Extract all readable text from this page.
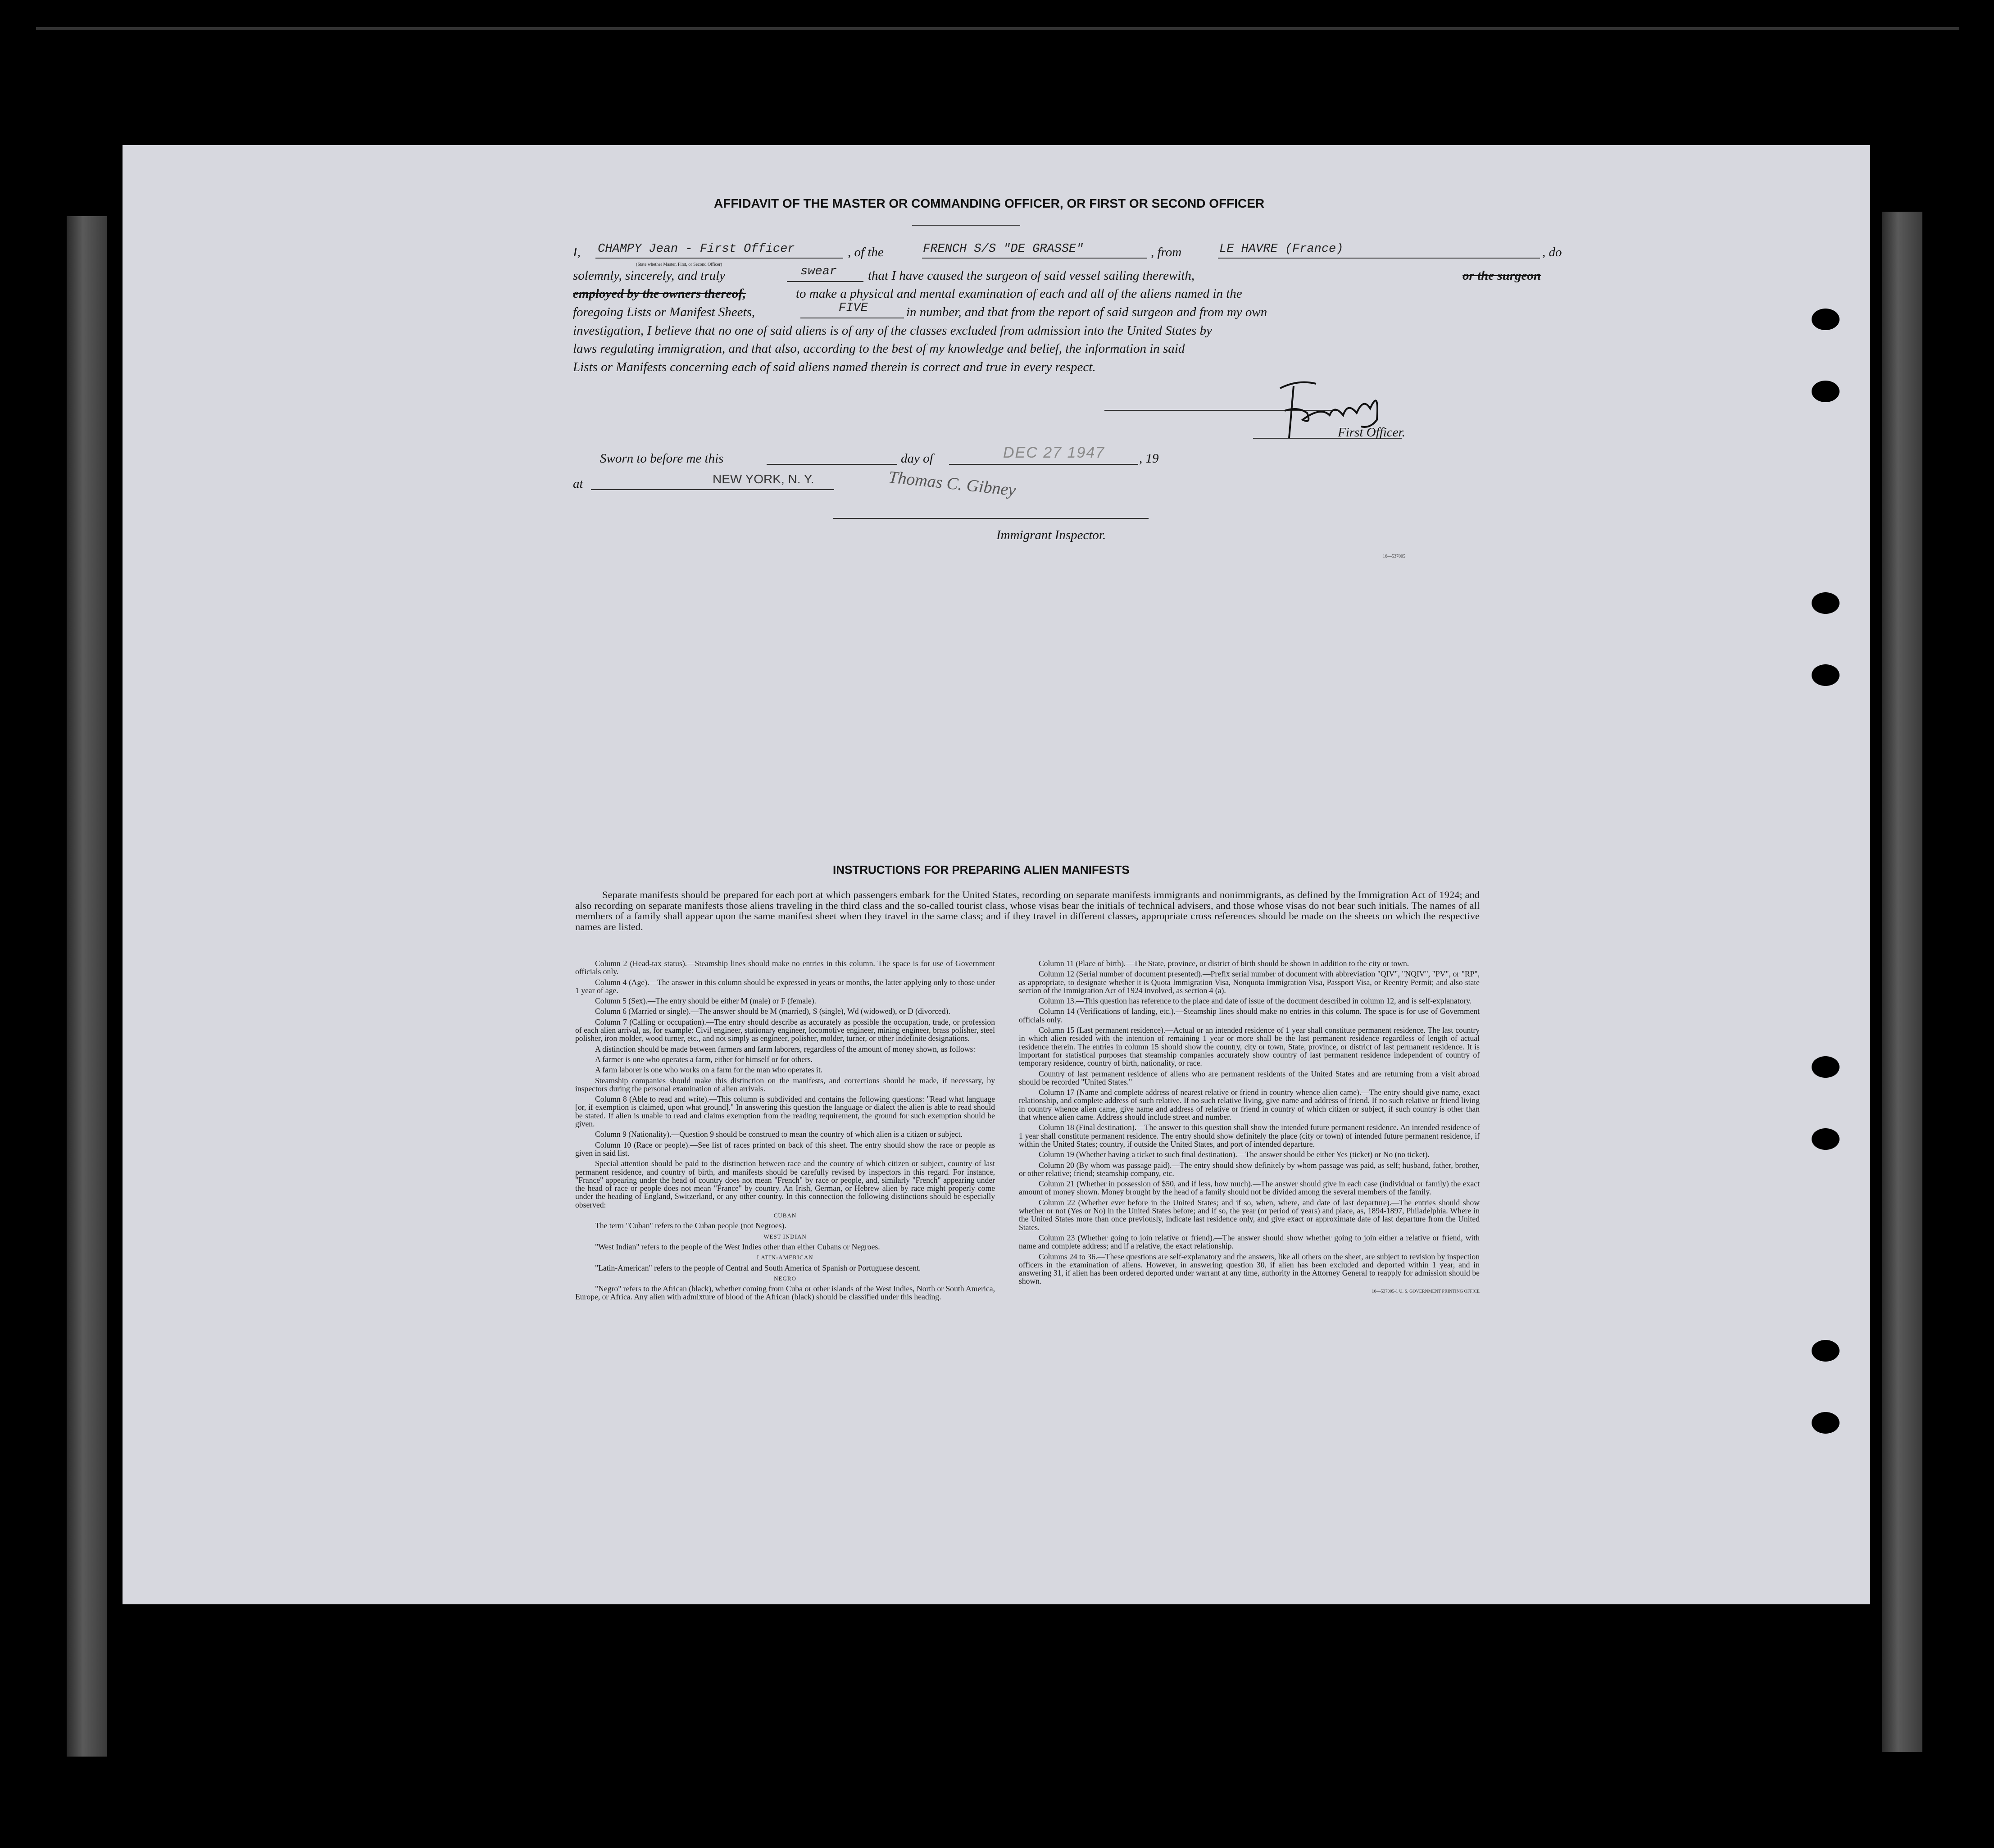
AFFIDAVIT OF THE MASTER OR COMMANDING OFFICER, OR FIRST OR SECOND OFFICER
I, CHAMPY Jean - First Officer	, of the	FRENCH S/S "DE GRASSE"	, from	LE HAVRE (France)	, do
(State whether Master, First, or Second Officer)
solemnly, sincerely, and truly	swear that I have caused the surgeon of said vessel sailing therewith,	or the surgeon
employed by the owners thereof,	to make a physical and mental examination of each and all of the aliens named in the
foregoing Lists or Manifest Sheets,	FIVE	in number, and that from the report of said surgeon and from my own
investigation, I believe that no one of said aliens is of any of the classes excluded from admission into the United States by
laws regulating immigration, and that also, according to the best of my knowledge and belief, the information in said
Lists or Manifests concerning each of said aliens named therein is correct and true in every respect.
First Officer.
Sworn to before me this	day of	DEC 27 1947	, 19
at	NEW YORK, N. Y.	Thomas C. Gibney
Immigrant Inspector.
16—537005
INSTRUCTIONS FOR PREPARING ALIEN MANIFESTS
Separate manifests should be prepared for each port at which passengers embark for the United States, recording on separate manifests immigrants and nonimmigrants, as defined by the Immigration Act of 1924; and also recording on separate manifests those aliens traveling in the third class and the so-called tourist class, whose visas bear the initials of technical advisers, and those whose visas do not bear such initials. The names of all members of a family shall appear upon the same manifest sheet when they travel in the same class; and if they travel in different classes, appropriate cross references should be made on the sheets on which the respective names are listed.

Column 2 (Head-tax status).—Steamship lines should make no entries in this column. The space is for use of Government officials only.

Column 4 (Age).—The answer in this column should be expressed in years or months, the latter applying only to those under 1 year of age.

Column 5 (Sex).—The entry should be either M (male) or F (female).

Column 6 (Married or single).—The answer should be M (married), S (single), Wd (widowed), or D (divorced).

Column 7 (Calling or occupation).—The entry should describe as accurately as possible the occupation, trade, or profession of each alien arrival, as, for example: Civil engineer, stationary engineer, locomotive engineer, mining engineer, brass polisher, steel polisher, iron molder, wood turner, etc., and not simply as engineer, polisher, molder, turner, or other indefinite designations.

A distinction should be made between farmers and farm laborers, regardless of the amount of money shown, as follows:

A farmer is one who operates a farm, either for himself or for others.

A farm laborer is one who works on a farm for the man who operates it.

Steamship companies should make this distinction on the manifests, and corrections should be made, if necessary, by inspectors during the personal examination of alien arrivals.

Column 8 (Able to read and write).—This column is subdivided and contains the following questions: "Read what language [or, if exemption is claimed, upon what ground]." In answering this question the language or dialect the alien is able to read should be stated. If alien is unable to read and claims exemption from the reading requirement, the ground for such exemption should be given.

Column 9 (Nationality).—Question 9 should be construed to mean the country of which alien is a citizen or subject.

Column 10 (Race or people).—See list of races printed on back of this sheet. The entry should show the race or people as given in said list.

Special attention should be paid to the distinction between race and the country of which citizen or subject, country of last permanent residence, and country of birth, and manifests should be carefully revised by inspectors in this regard. For instance, "France" appearing under the head of country does not mean "French" by race or people, and, similarly "French" appearing under the head of race or people does not mean "France" by country. An Irish, German, or Hebrew alien by race might properly come under the heading of England, Switzerland, or any other country. In this connection the following distinctions should be especially observed:

CUBAN

The term "Cuban" refers to the Cuban people (not Negroes).

WEST INDIAN

"West Indian" refers to the people of the West Indies other than either Cubans or Negroes.

LATIN-AMERICAN

"Latin-American" refers to the people of Central and South America of Spanish or Portuguese descent.

NEGRO

"Negro" refers to the African (black), whether coming from Cuba or other islands of the West Indies, North or South America, Europe, or Africa. Any alien with admixture of blood of the African (black) should be classified under this heading.

Column 11 (Place of birth).—The State, province, or district of birth should be shown in addition to the city or town.

Column 12 (Serial number of document presented).—Prefix serial number of document with abbreviation "QIV", "NQIV", "PV", or "RP", as appropriate, to designate whether it is Quota Immigration Visa, Nonquota Immigration Visa, Passport Visa, or Reentry Permit; and also state section of the Immigration Act of 1924 involved, as section 4 (a).

Column 13.—This question has reference to the place and date of issue of the document described in column 12, and is self-explanatory.

Column 14 (Verifications of landing, etc.).—Steamship lines should make no entries in this column. The space is for use of Government officials only.

Column 15 (Last permanent residence).—Actual or an intended residence of 1 year shall constitute permanent residence. The last country in which alien resided with the intention of remaining 1 year or more shall be the last permanent residence regardless of length of actual residence therein. The entries in column 15 should show the country, city or town, State, province, or district of last permanent residence. It is important for statistical purposes that steamship companies accurately show country of last permanent residence independent of country of temporary residence, country of birth, nationality, or race.

Country of last permanent residence of aliens who are permanent residents of the United States and are returning from a visit abroad should be recorded "United States."

Column 17 (Name and complete address of nearest relative or friend in country whence alien came).—The entry should give name, exact relationship, and complete address of such relative. If no such relative living, give name and address of friend. If no such relative or friend living in country whence alien came, give name and address of relative or friend in country of which citizen or subject, if such country is other than that whence alien came. Address should include street and number.

Column 18 (Final destination).—The answer to this question shall show the intended future permanent residence. An intended residence of 1 year shall constitute permanent residence. The entry should show definitely the place (city or town) of intended future permanent residence, if within the United States; country, if outside the United States, and port of intended departure.

Column 19 (Whether having a ticket to such final destination).—The answer should be either Yes (ticket) or No (no ticket).

Column 20 (By whom was passage paid).—The entry should show definitely by whom passage was paid, as self; husband, father, brother, or other relative; friend; steamship company, etc.

Column 21 (Whether in possession of $50, and if less, how much).—The answer should give in each case (individual or family) the exact amount of money shown. Money brought by the head of a family should not be divided among the several members of the family.

Column 22 (Whether ever before in the United States; and if so, when, where, and date of last departure).—The entries should show whether or not (Yes or No) in the United States before; and if so, the year (or period of years) and place, as, 1894-1897, Philadelphia. Where in the United States more than once previously, indicate last residence only, and give exact or approximate date of last departure from the United States.

Column 23 (Whether going to join relative or friend).—The answer should show whether going to join either a relative or friend, with name and complete address; and if a relative, the exact relationship.

Columns 24 to 36.—These questions are self-explanatory and the answers, like all others on the sheet, are subject to revision by inspection officers in the examination of aliens. However, in answering question 30, if alien has been excluded and deported within 1 year, and in answering 31, if alien has been ordered deported under warrant at any time, authority in the Attorney General to reapply for admission should be shown.

16—537005-1 U. S. GOVERNMENT PRINTING OFFICE
